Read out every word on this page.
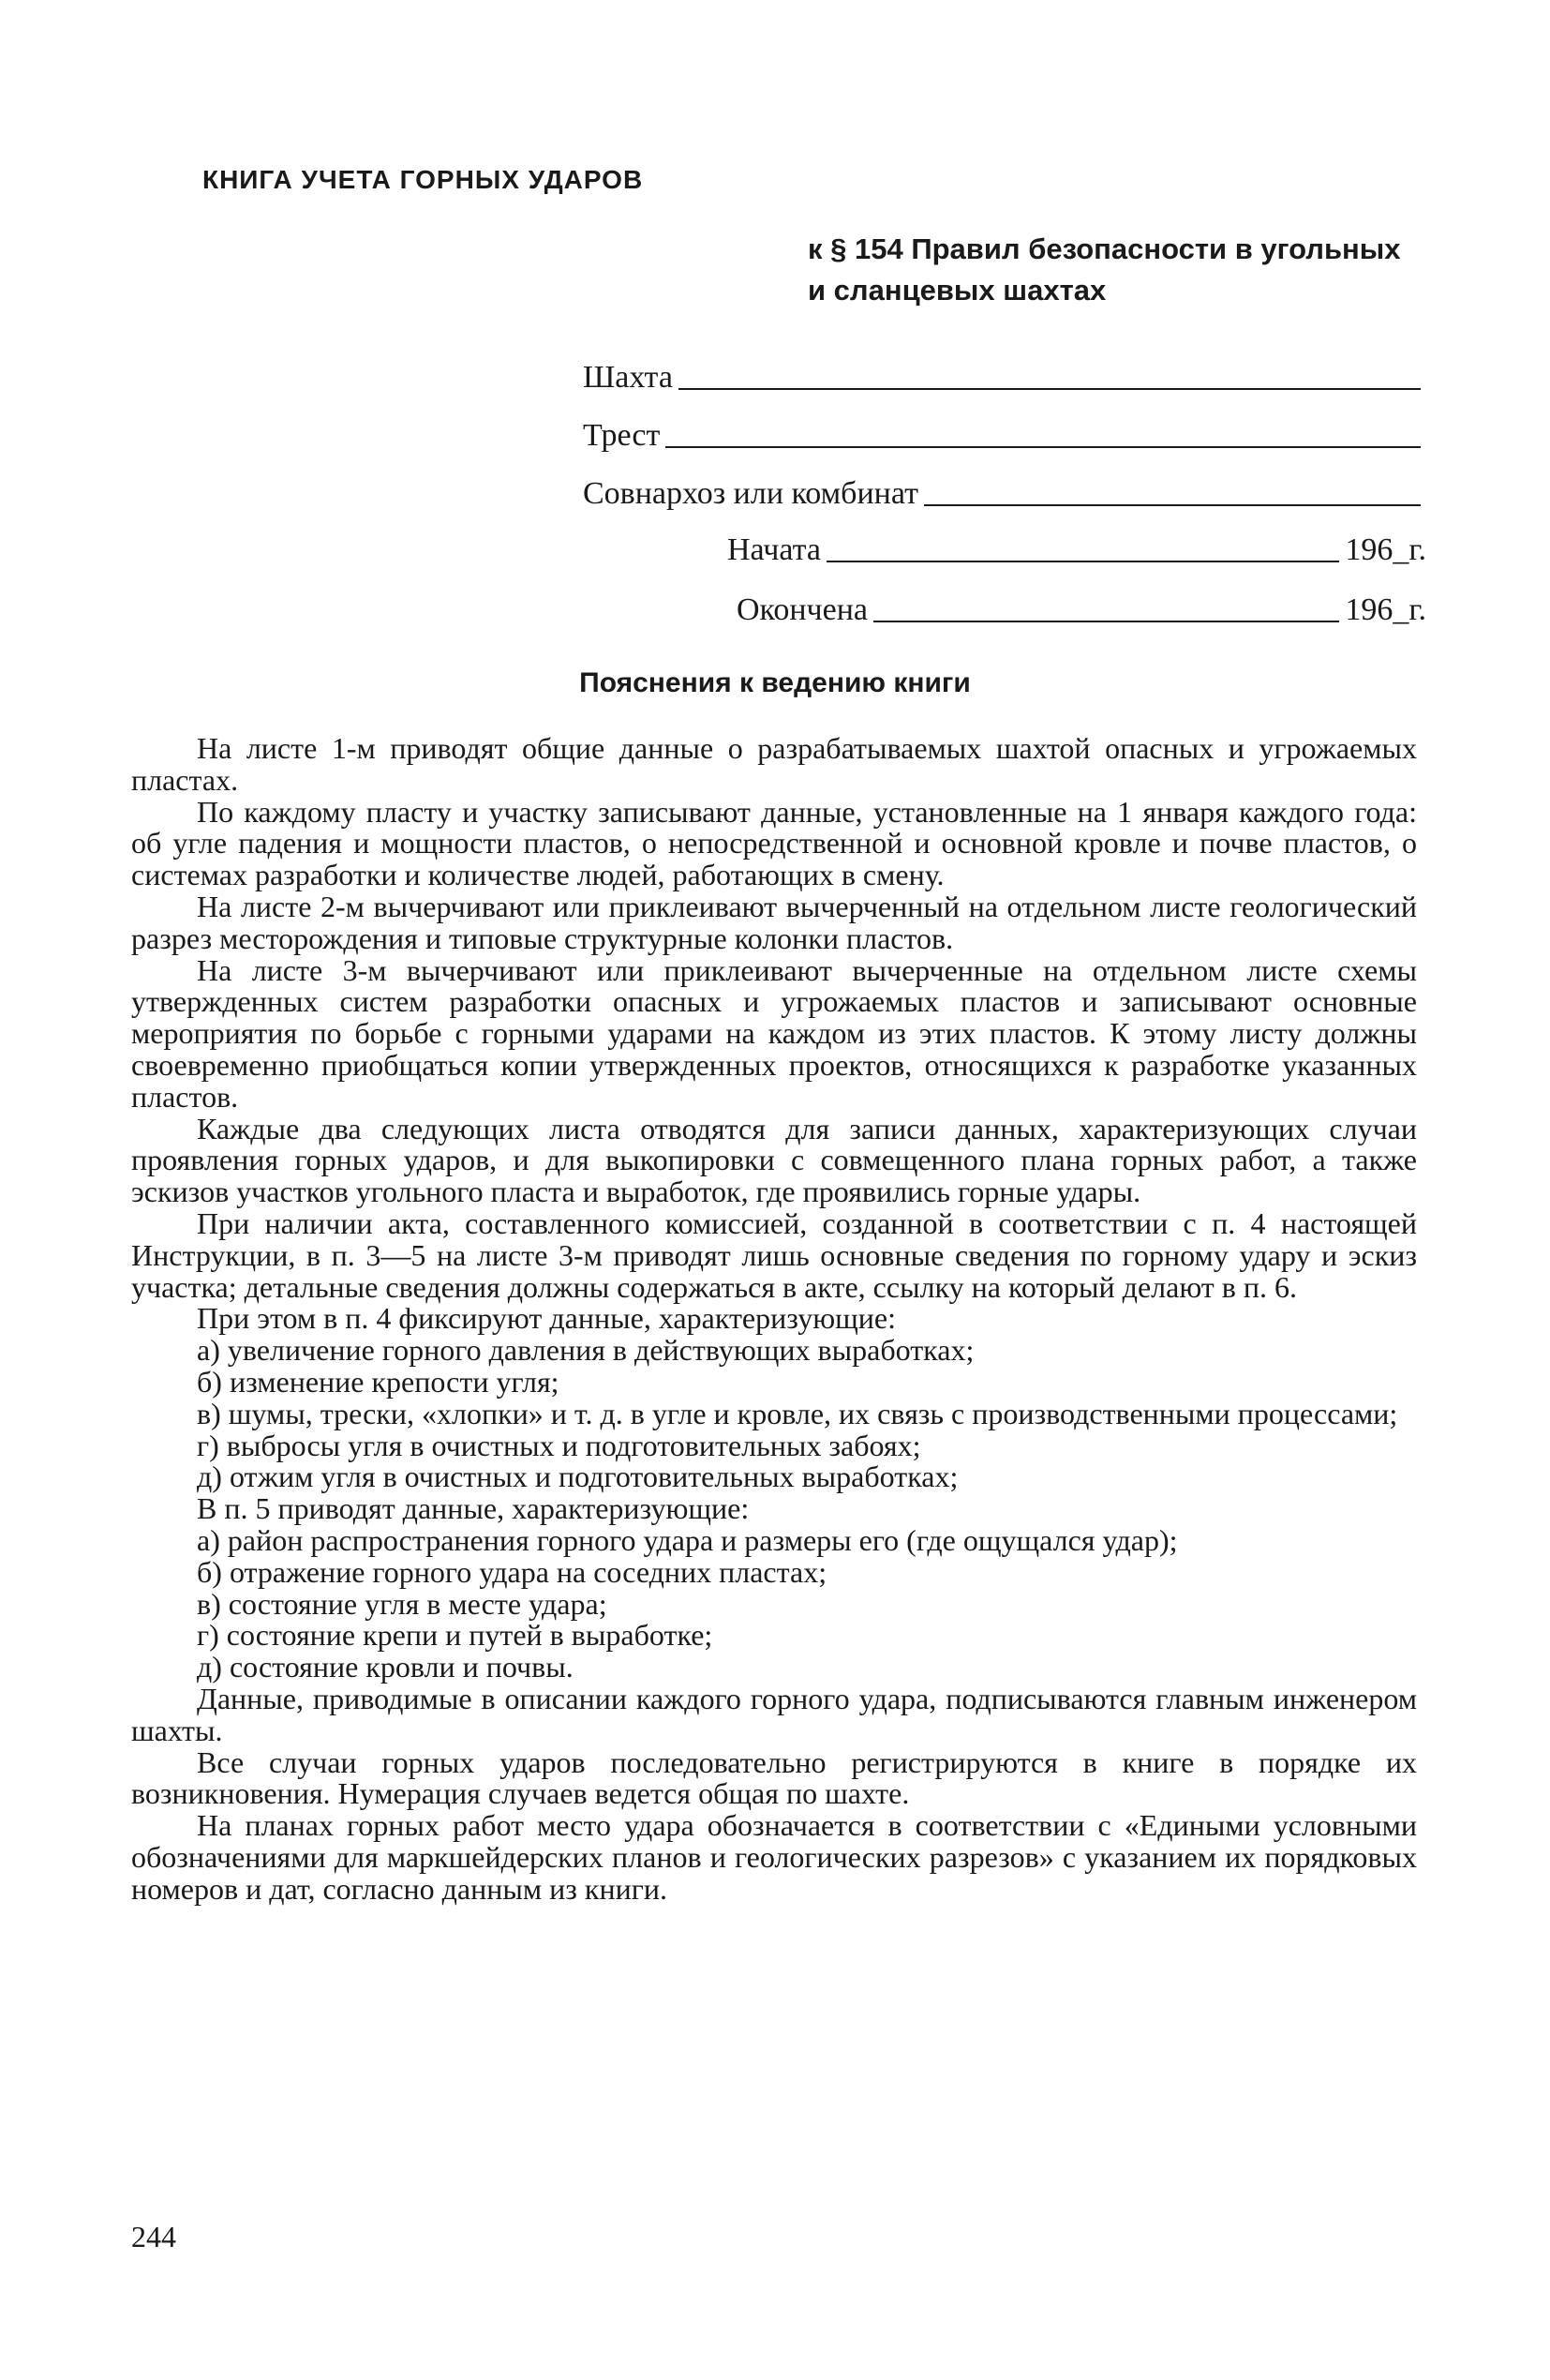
КНИГА УЧЕТА ГОРНЫХ УДАРОВ
к § 154 Правил безопасности в угольных и сланцевых шахтах
Шахта
Трест
Совнархоз или комбинат
Начата	196_г.
Окончена	196_г.
Пояснения к ведению книги

На листе 1-м приводят общие данные о разрабатываемых шахтой опасных и угрожаемых пластах.

По каждому пласту и участку записывают данные, установленные на 1 января каждого года: об угле падения и мощности пластов, о непосредственной и основной кровле и почве пластов, о системах разработки и количестве людей, работающих в смену.

На листе 2-м вычерчивают или приклеивают вычерченный на отдельном листе геологический разрез месторождения и типовые структурные колонки пластов.

На листе 3-м вычерчивают или приклеивают вычерченные на отдельном листе схемы утвержденных систем разработки опасных и угрожаемых пластов и записывают основные мероприятия по борьбе с горными ударами на каждом из этих пластов. К этому листу должны своевременно приобщаться копии утвержденных проектов, относящихся к разработке указанных пластов.

Каждые два следующих листа отводятся для записи данных, характеризующих случаи проявления горных ударов, и для выкопировки с совмещенного плана горных работ, а также эскизов участков угольного пласта и выработок, где проявились горные удары.

При наличии акта, составленного комиссией, созданной в соответствии с п. 4 настоящей Инструкции, в п. 3—5 на листе 3-м приводят лишь основные сведения по горному удару и эскиз участка; детальные сведения должны содержаться в акте, ссылку на который делают в п. 6.

При этом в п. 4 фиксируют данные, характеризующие:

а) увеличение горного давления в действующих выработках;

б) изменение крепости угля;

в) шумы, трески, «хлопки» и т. д. в угле и кровле, их связь с производственными процессами;

г) выбросы угля в очистных и подготовительных забоях;

д) отжим угля в очистных и подготовительных выработках;

В п. 5 приводят данные, характеризующие:

а) район распространения горного удара и размеры его (где ощущался удар);

б) отражение горного удара на соседних пластах;

в) состояние угля в месте удара;

г) состояние крепи и путей в выработке;

д) состояние кровли и почвы.

Данные, приводимые в описании каждого горного удара, подписываются главным инженером шахты.

Все случаи горных ударов последовательно регистрируются в книге в порядке их возникновения. Нумерация случаев ведется общая по шахте.

На планах горных работ место удара обозначается в соответствии с «Едиными условными обозначениями для маркшейдерских планов и геологических разрезов» с указанием их порядковых номеров и дат, согласно данным из книги.

244
